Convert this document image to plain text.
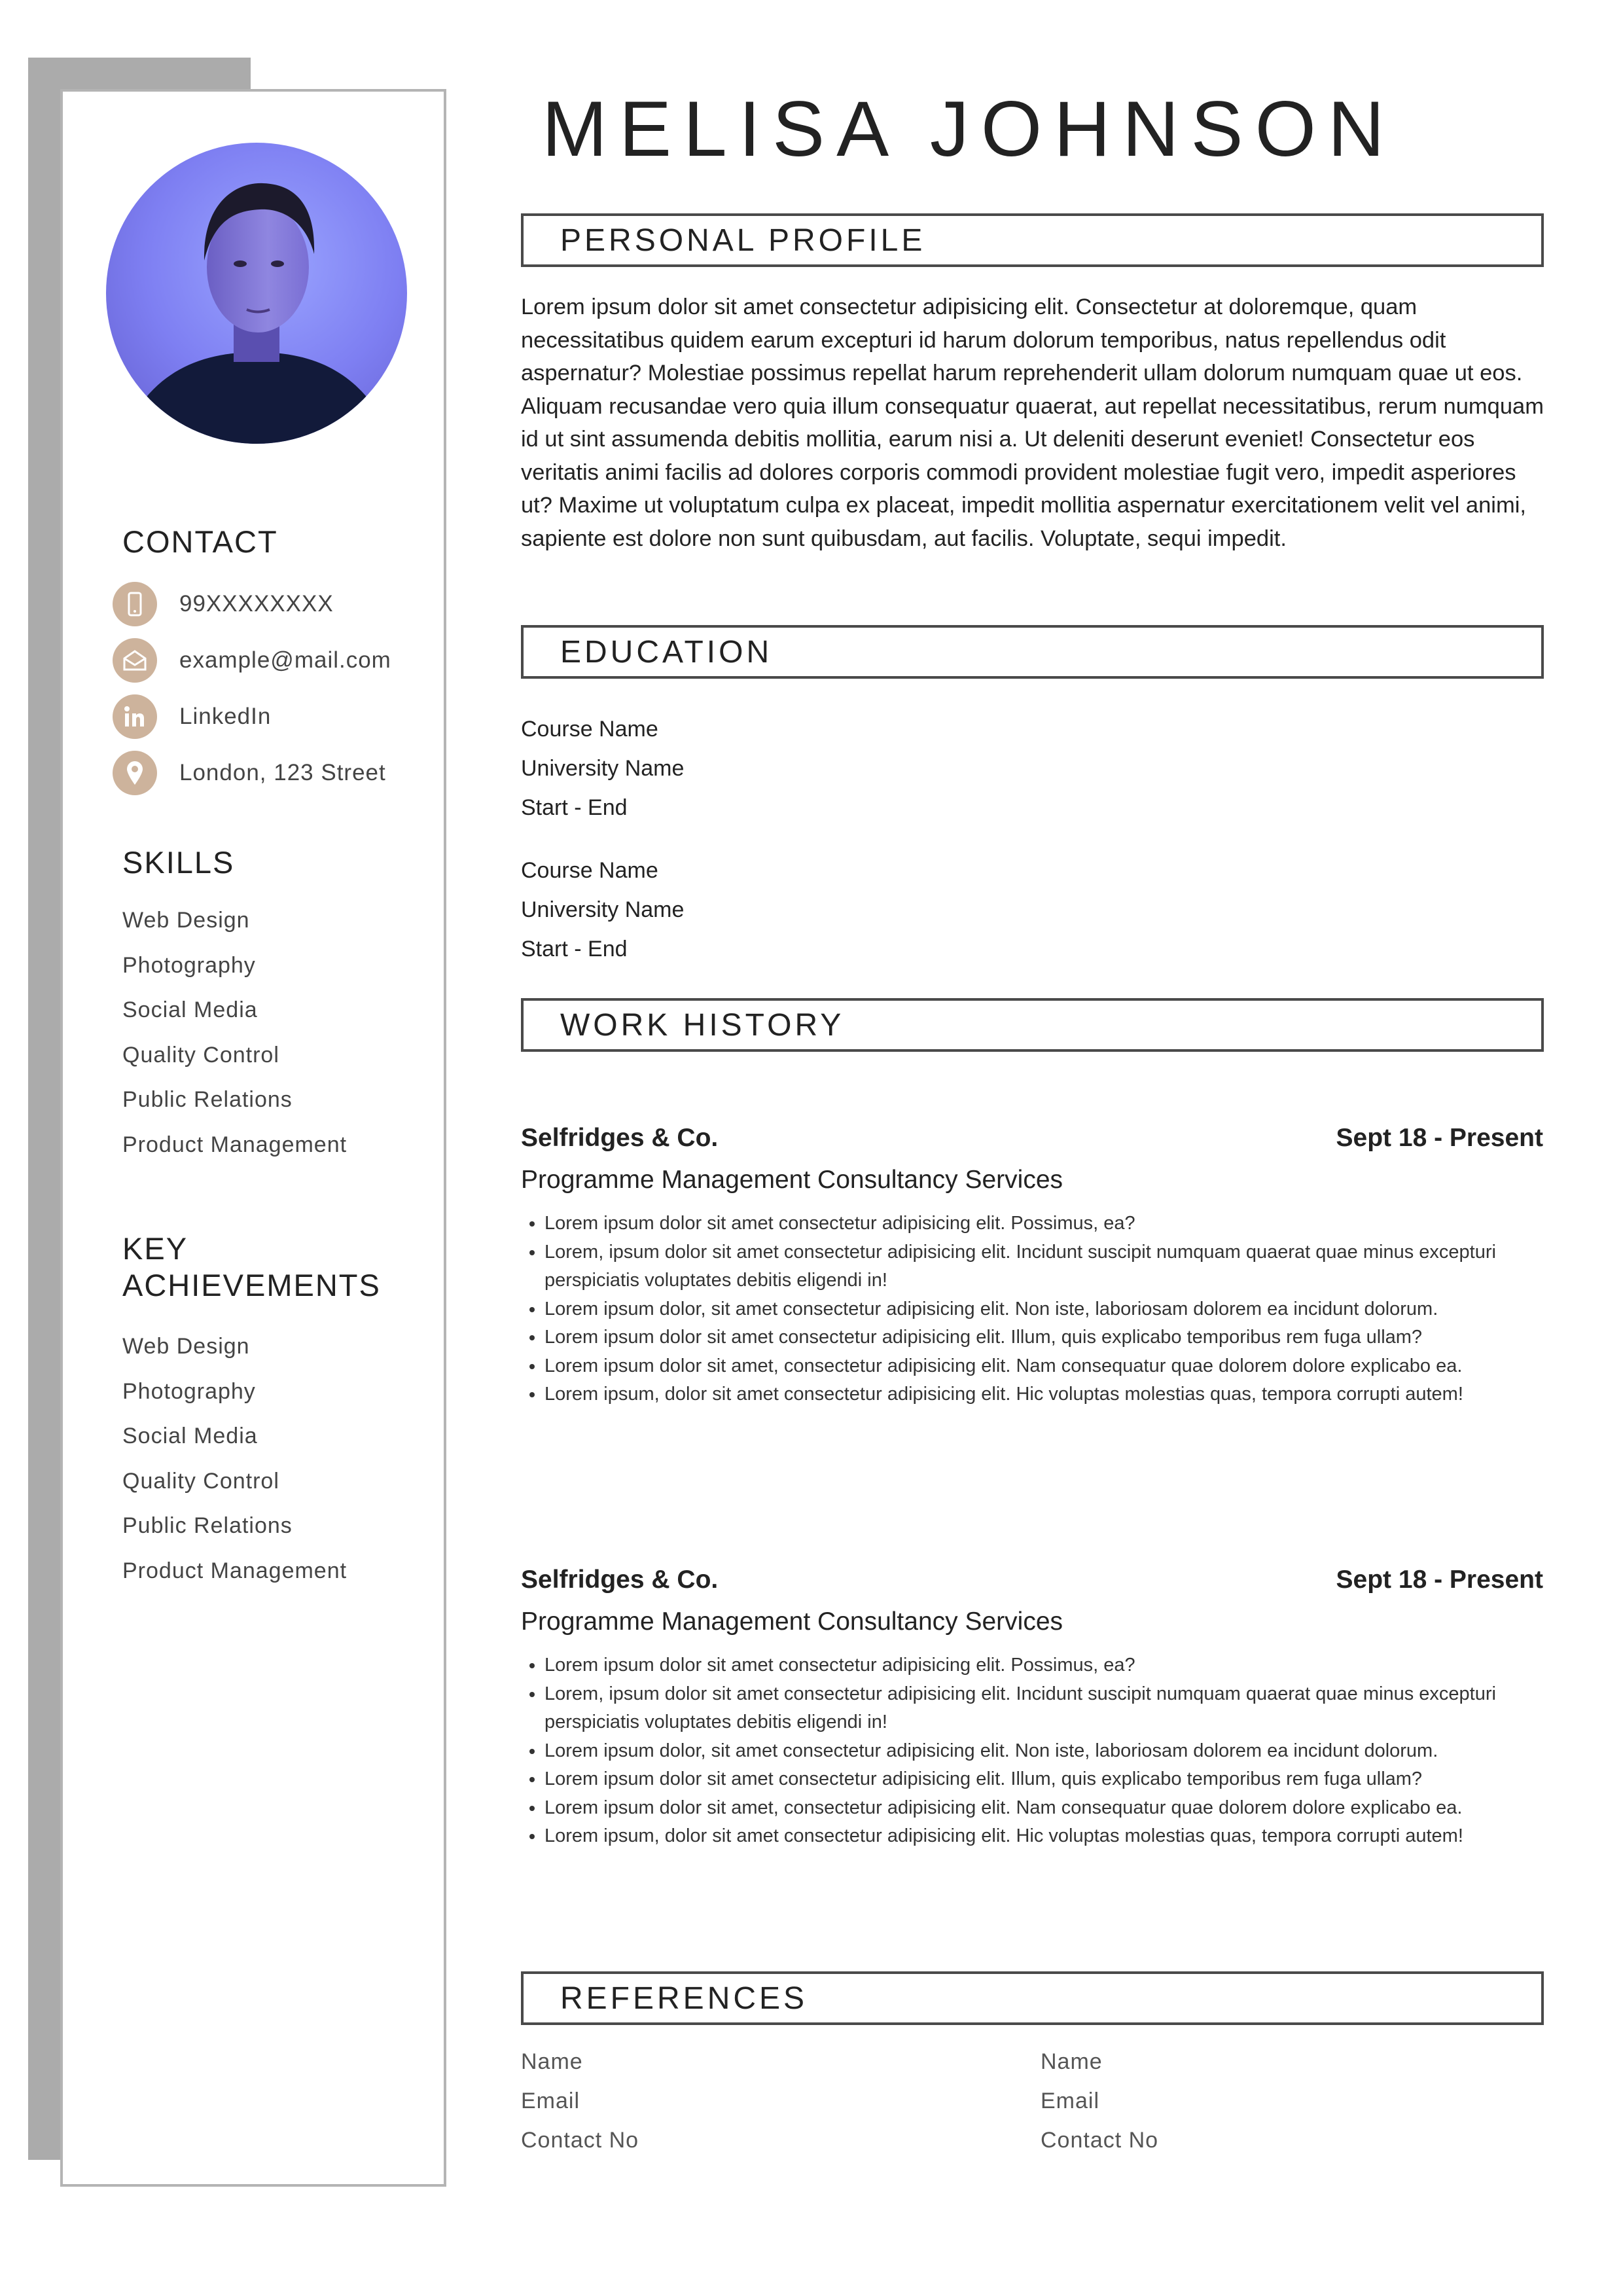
CONTACT
99XXXXXXXX
example@mail.com
LinkedIn
London, 123 Street
SKILLS
Web Design
Photography
Social Media
Quality Control
Public Relations
Product Management
KEY
ACHIEVEMENTS
Web Design
Photography
Social Media
Quality Control
Public Relations
Product Management
MELISA JOHNSON
PERSONAL PROFILE

Lorem ipsum dolor sit amet consectetur adipisicing elit. Consectetur at doloremque, quam necessitatibus quidem earum excepturi id harum dolorum temporibus, natus repellendus odit aspernatur? Molestiae possimus repellat harum reprehenderit ullam dolorum numquam quae ut eos. Aliquam recusandae vero quia illum consequatur quaerat, aut repellat necessitatibus, rerum numquam id ut sint assumenda debitis mollitia, earum nisi a. Ut deleniti deserunt eveniet! Consectetur eos veritatis animi facilis ad dolores corporis commodi provident molestiae fugit vero, impedit asperiores ut? Maxime ut voluptatum culpa ex placeat, impedit mollitia aspernatur exercitationem velit vel animi, sapiente est dolore non sunt quibusdam, aut facilis. Voluptate, sequi impedit.

EDUCATION
Course Name
University Name
Start - End
Course Name
University Name
Start - End
WORK HISTORY
Selfridges & Co.	Sept 18 - Present
Programme Management Consultancy Services
• Lorem ipsum dolor sit amet consectetur adipisicing elit. Possimus, ea?
• Lorem, ipsum dolor sit amet consectetur adipisicing elit. Incidunt suscipit numquam quaerat quae minus excepturi perspiciatis voluptates debitis eligendi in!
• Lorem ipsum dolor, sit amet consectetur adipisicing elit. Non iste, laboriosam dolorem ea incidunt dolorum.
• Lorem ipsum dolor sit amet consectetur adipisicing elit. Illum, quis explicabo temporibus rem fuga ullam?
• Lorem ipsum dolor sit amet, consectetur adipisicing elit. Nam consequatur quae dolorem dolore explicabo ea.
• Lorem ipsum, dolor sit amet consectetur adipisicing elit. Hic voluptas molestias quas, tempora corrupti autem!
Selfridges & Co.	Sept 18 - Present
Programme Management Consultancy Services
• Lorem ipsum dolor sit amet consectetur adipisicing elit. Possimus, ea?
• Lorem, ipsum dolor sit amet consectetur adipisicing elit. Incidunt suscipit numquam quaerat quae minus excepturi perspiciatis voluptates debitis eligendi in!
• Lorem ipsum dolor, sit amet consectetur adipisicing elit. Non iste, laboriosam dolorem ea incidunt dolorum.
• Lorem ipsum dolor sit amet consectetur adipisicing elit. Illum, quis explicabo temporibus rem fuga ullam?
• Lorem ipsum dolor sit amet, consectetur adipisicing elit. Nam consequatur quae dolorem dolore explicabo ea.
• Lorem ipsum, dolor sit amet consectetur adipisicing elit. Hic voluptas molestias quas, tempora corrupti autem!
REFERENCES
Name
Email
Contact No
Name
Email
Contact No
